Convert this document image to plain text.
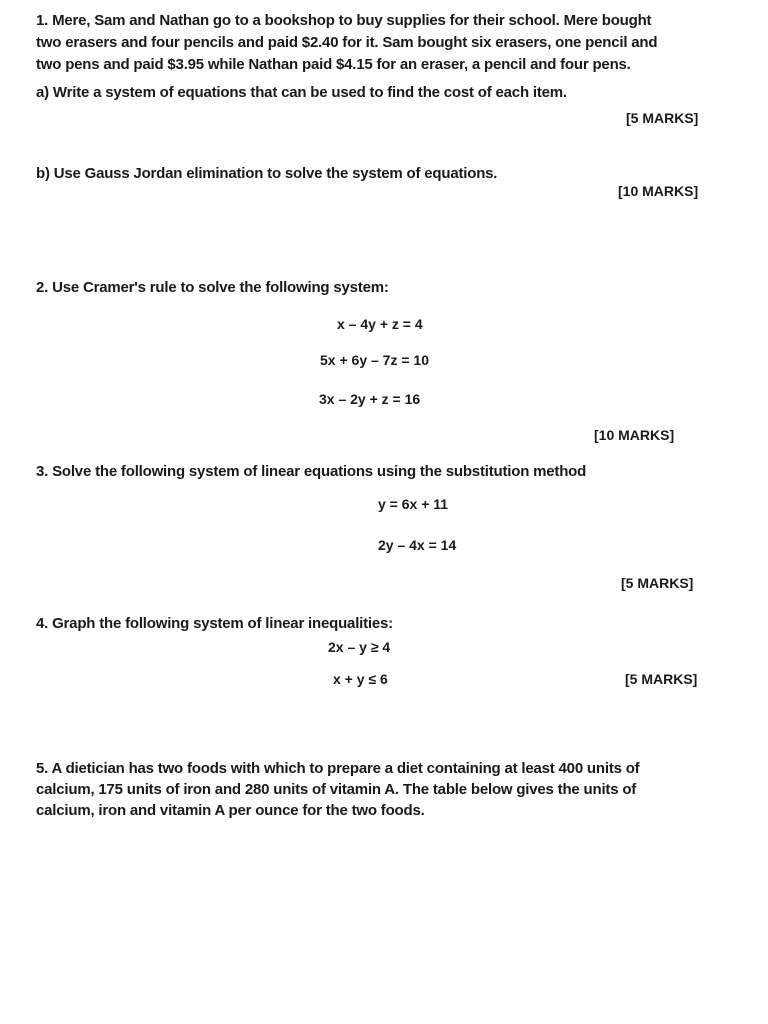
1. Mere, Sam and Nathan go to a bookshop to buy supplies for their school. Mere bought
two erasers and four pencils and paid $2.40 for it. Sam bought six erasers, one pencil and
two pens and paid $3.95 while Nathan paid $4.15 for an eraser, a pencil and four pens.
a) Write a system of equations that can be used to find the cost of each item.
[5 MARKS]
b) Use Gauss Jordan elimination to solve the system of equations.
[10 MARKS]
2. Use Cramer's rule to solve the following system:
x – 4y + z = 4
5x + 6y – 7z = 10
3x – 2y + z = 16
[10 MARKS]
3. Solve the following system of linear equations using the substitution method
y = 6x + 11
2y – 4x = 14
[5 MARKS]
4. Graph the following system of linear inequalities:
2x – y ≥ 4
x + y ≤ 6	[5 MARKS]
5. A dietician has two foods with which to prepare a diet containing at least 400 units of
calcium, 175 units of iron and 280 units of vitamin A. The table below gives the units of
calcium, iron and vitamin A per ounce for the two foods.
